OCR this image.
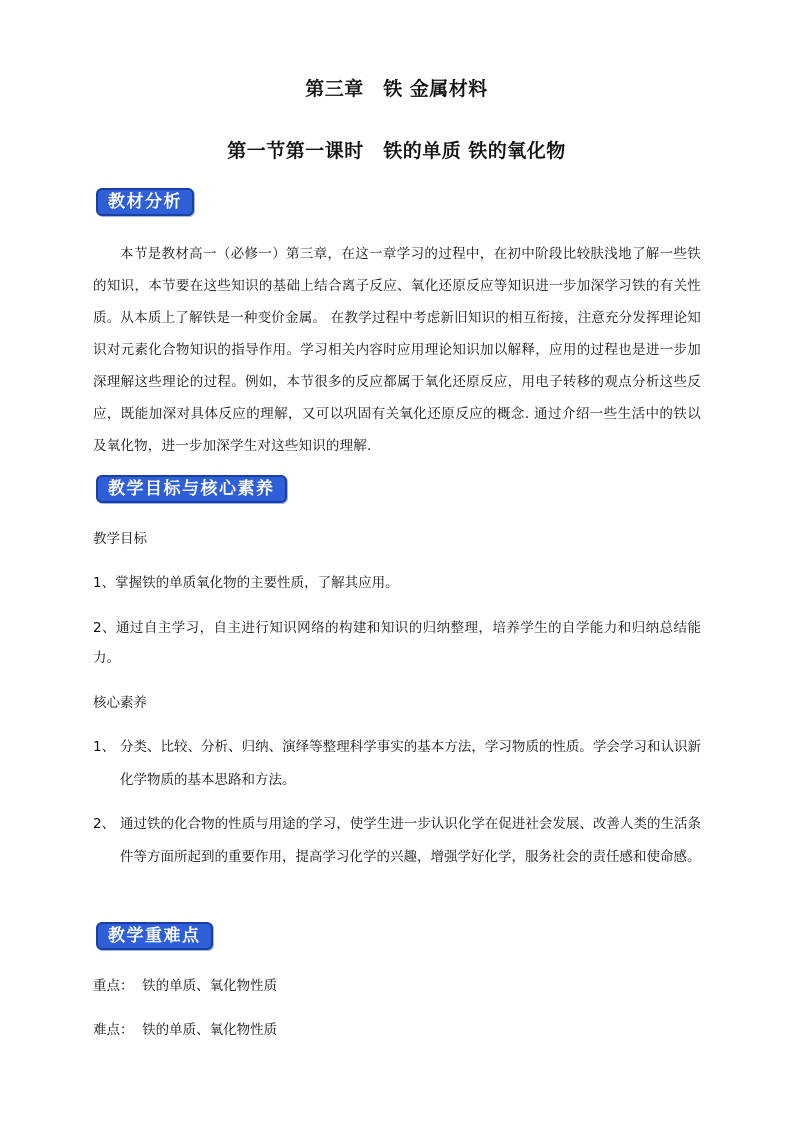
第三章　铁 金属材料
第一节第一课时　铁的单质 铁的氧化物
教材分析
本节是教材高一（必修一）第三章，在这一章学习的过程中，在初中阶段比较肤浅地了解一些铁的知识，本节要在这些知识的基础上结合离子反应、氧化还原反应等知识进一步加深学习铁的有关性质。从本质上了解铁是一种变价金属。 在教学过程中考虑新旧知识的相互衔接，注意充分发挥理论知识对元素化合物知识的指导作用。学习相关内容时应用理论知识加以解释，应用的过程也是进一步加深理解这些理论的过程。例如，本节很多的反应都属于氧化还原反应，用电子转移的观点分析这些反应，既能加深对具体反应的理解，又可以巩固有关氧化还原反应的概念. 通过介绍一些生活中的铁以及氧化物，进一步加深学生对这些知识的理解.
教学目标与核心素养
教学目标
1、掌握铁的单质氧化物的主要性质，了解其应用。
2、通过自主学习，自主进行知识网络的构建和知识的归纳整理，培养学生的自学能力和归纳总结能力。
核心素养
1、 分类、比较、分析、归纳、演绎等整理科学事实的基本方法，学习物质的性质。学会学习和认识新化学物质的基本思路和方法。
2、 通过铁的化合物的性质与用途的学习，使学生进一步认识化学在促进社会发展、改善人类的生活条件等方面所起到的重要作用，提高学习化学的兴趣，增强学好化学，服务社会的责任感和使命感。
教学重难点
重点：  铁的单质、氧化物性质
难点：  铁的单质、氧化物性质
